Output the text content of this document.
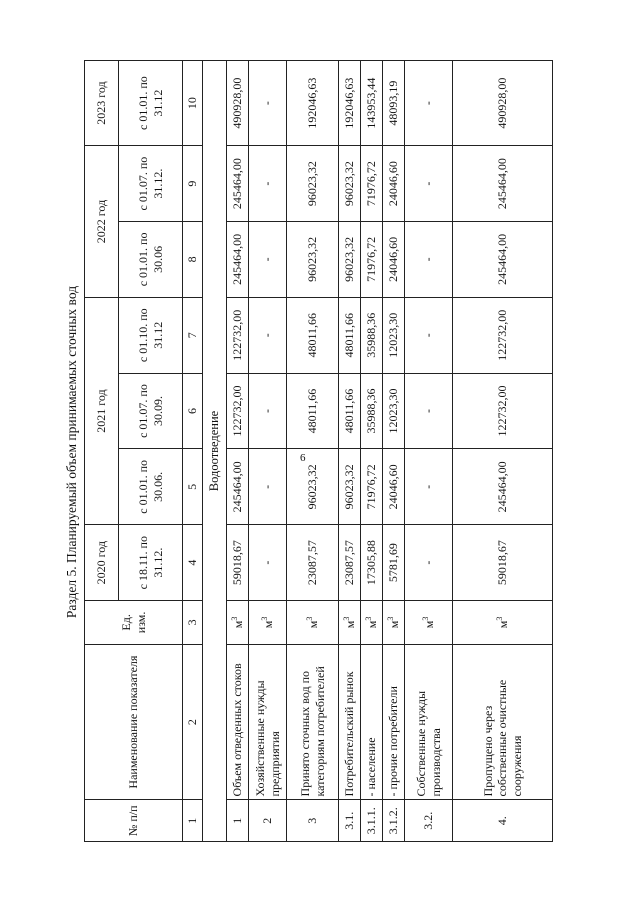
6
Раздел 5. Планируемый объем принимаемых сточных вод
№ п/п	Наименование показателя	Ед. изм.	2020 год	2021 год			2022 год		2023 год
			с 18.11. по 31.12.	с 01.01. по 30.06.	с 01.07. по 30.09.	с 01.10. по 31.12	с 01.01. по 30.06	с 01.07. по 31.12.	с 01.01. по 31.12
1	2	3	4	5	6	7	8	9	10
Водоотведение									
1	Объем отведенных стоков	$м^3$	59018,67	245464,00	122732,00	122732,00	245464,00	245464,00	490928,00
2	Хозяйственные нужды предприятия	$м^3$	-	-	-	-	-	-	-
3	Принято сточных вод по категориям потребителей	$м^3$	23087,57	96023,32	48011,66	48011,66	96023,32	96023,32	192046,63
3.1.	Потребительский рынок	$м^3$	23087,57	96023,32	48011,66	48011,66	96023,32	96023,32	192046,63
3.1.1.	- население	$м^3$	17305,88	71976,72	35988,36	35988,36	71976,72	71976,72	143953,44
3.1.2.	- прочие потребители	$м^3$	5781,69	24046,60	12023,30	12023,30	24046,60	24046,60	48093,19
3.2.	Собственные нужды производства	$м^3$	-	-	-	-	-	-	-
4.	Пропущено через собственные очистные сооружения	$м^3$	59018,67	245464,00	122732,00	122732,00	245464,00	245464,00	490928,00
